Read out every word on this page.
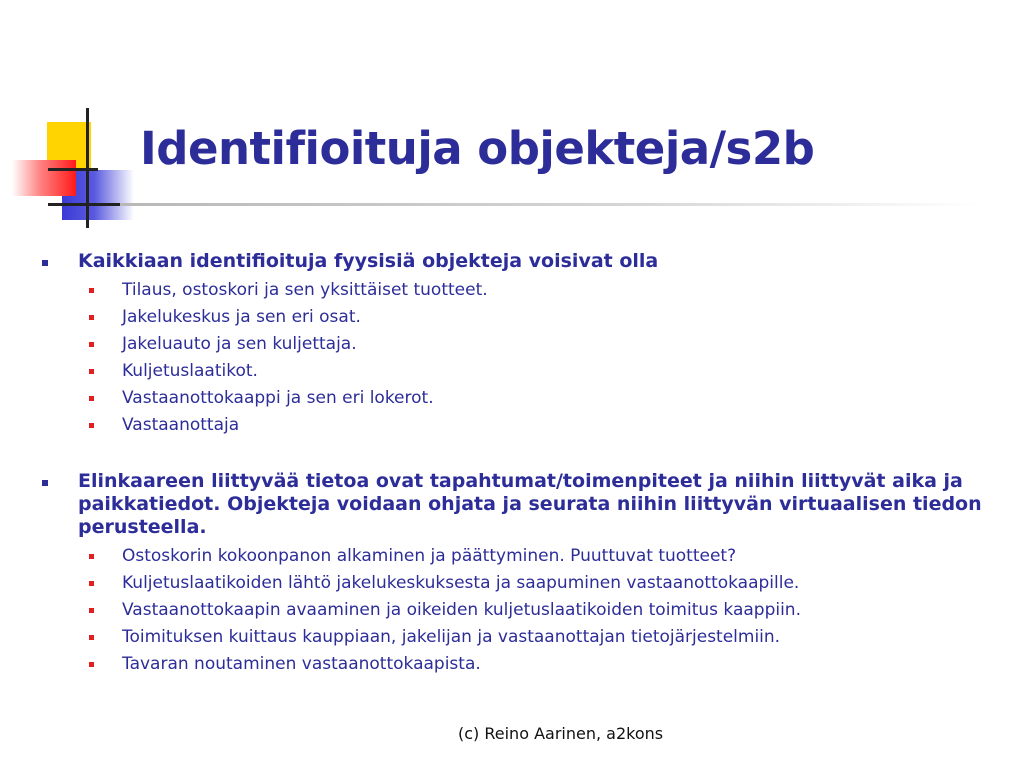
Identifioituja objekteja/s2b
Kaikkiaan identifioituja fyysisiä objekteja voisivat olla
Tilaus, ostoskori ja sen yksittäiset tuotteet.
Jakelukeskus ja sen eri osat.
Jakeluauto ja sen kuljettaja.
Kuljetuslaatikot.
Vastaanottokaappi ja sen eri lokerot.
Vastaanottaja
Elinkaareen liittyvää tietoa ovat tapahtumat/toimenpiteet ja niihin liittyvät aika ja paikkatiedot. Objekteja voidaan ohjata ja seurata niihin liittyvän virtuaalisen tiedon perusteella.
Ostoskorin kokoonpanon alkaminen ja päättyminen. Puuttuvat tuotteet?
Kuljetuslaatikoiden lähtö jakelukeskuksesta ja saapuminen vastaanottokaapille.
Vastaanottokaapin avaaminen ja oikeiden kuljetuslaatikoiden toimitus kaappiin.
Toimituksen kuittaus kauppiaan, jakelijan ja vastaanottajan tietojärjestelmiin.
Tavaran noutaminen vastaanottokaapista.
(c) Reino Aarinen, a2kons
